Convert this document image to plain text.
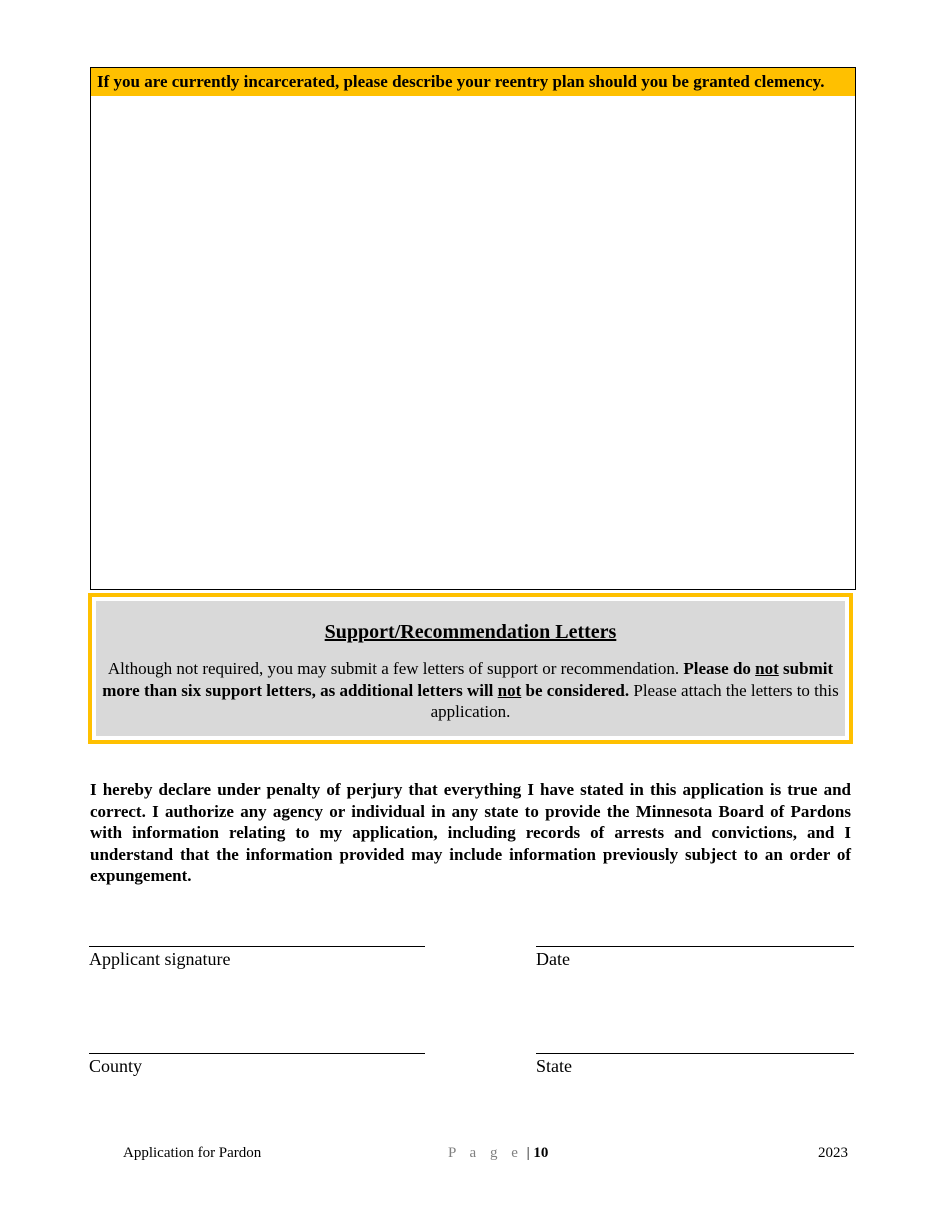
If you are currently incarcerated, please describe your reentry plan should you be granted clemency.
Support/Recommendation Letters
Although not required, you may submit a few letters of support or recommendation. Please do not submit more than six support letters, as additional letters will not be considered. Please attach the letters to this application.
I hereby declare under penalty of perjury that everything I have stated in this application is true and correct. I authorize any agency or individual in any state to provide the Minnesota Board of Pardons with information relating to my application, including records of arrests and convictions, and I understand that the information provided may include information previously subject to an order of expungement.
Applicant signature	Date
County	State
Application for Pardon	P a g e | 10	2023
